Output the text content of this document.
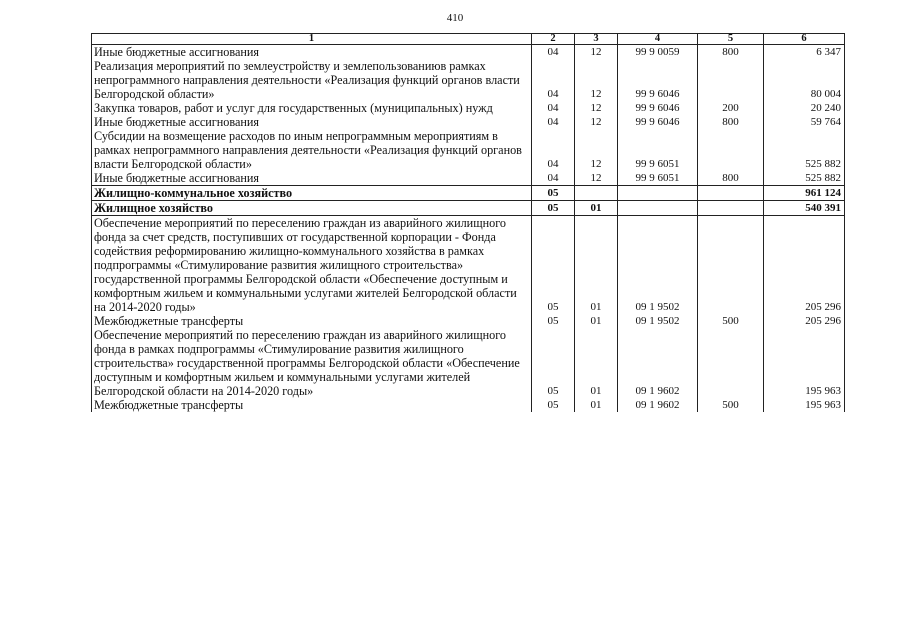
410
1	2	3	4	5	6
Иные бюджетные ассигнования	04	12	99 9 0059	800	6 347
Реализация мероприятий по землеустройству и землепользованиюв рамках непрограммного направления деятельности «Реализация функций органов власти Белгородской области»	04	12	99 9 6046		80 004
Закупка товаров, работ и услуг для государственных (муниципальных) нужд	04	12	99 9 6046	200	20 240
Иные бюджетные ассигнования	04	12	99 9 6046	800	59 764
Субсидии на возмещение расходов по иным непрограммным мероприятиям в рамках непрограммного направления деятельности «Реализация функций органов власти Белгородской области»	04	12	99 9 6051		525 882
Иные бюджетные ассигнования	04	12	99 9 6051	800	525 882
Жилищно-коммунальное хозяйство	05				961 124
Жилищное хозяйство	05	01			540 391
Обеспечение мероприятий по переселению граждан из аварийного жилищного фонда за счет средств, поступивших от государственной корпорации - Фонда содействия реформированию жилищно-коммунального хозяйства в рамках подпрограммы «Стимулирование развития жилищного строительства» государственной программы Белгородской области «Обеспечение доступным и комфортным жильем и коммунальными услугами жителей Белгородской области на 2014-2020 годы»	05	01	09 1 9502		205 296
Межбюджетные трансферты	05	01	09 1 9502	500	205 296
Обеспечение мероприятий по переселению граждан из аварийного жилищного фонда в рамках подпрограммы «Стимулирование развития жилищного строительства» государственной программы Белгородской области «Обеспечение доступным и комфортным жильем и коммунальными услугами жителей Белгородской области на 2014-2020 годы»	05	01	09 1 9602		195 963
Межбюджетные трансферты	05	01	09 1 9602	500	195 963
